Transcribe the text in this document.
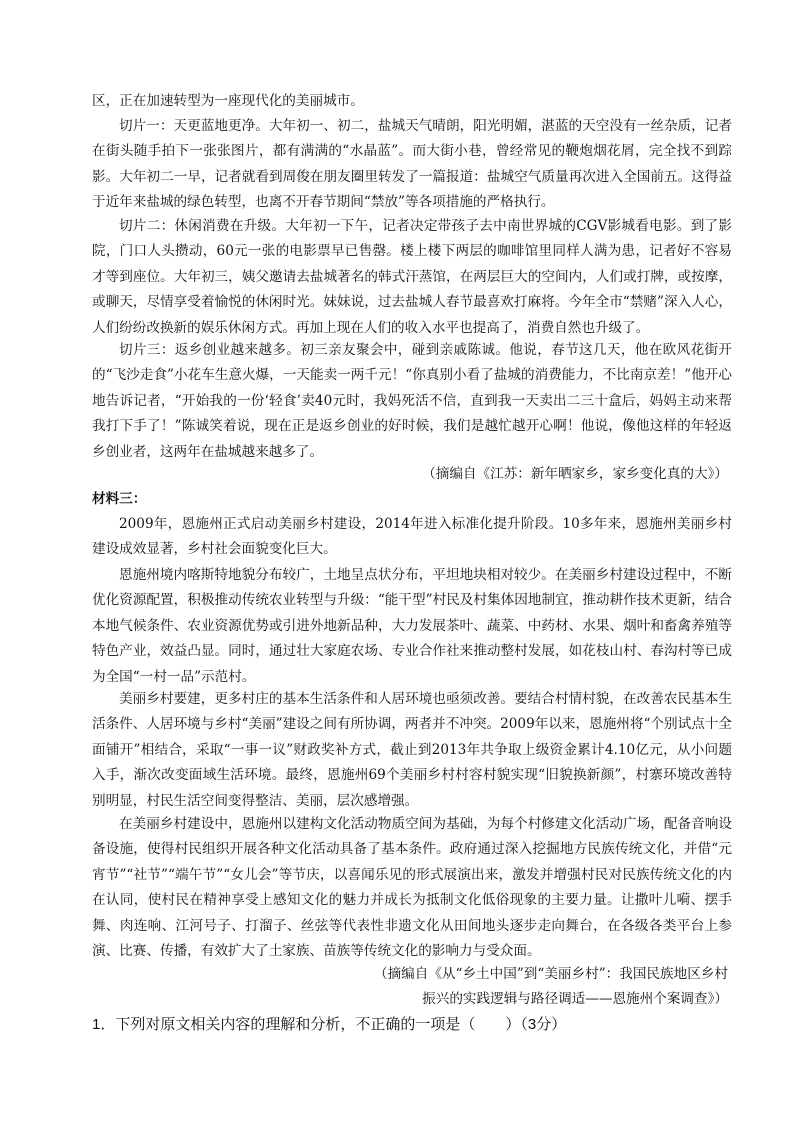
区，正在加速转型为一座现代化的美丽城市。

切片一：天更蓝地更净。大年初一、初二，盐城天气晴朗，阳光明媚，湛蓝的天空没有一丝杂质，记者在街头随手拍下一张张图片，都有满满的“水晶蓝”。而大街小巷，曾经常见的鞭炮烟花屑，完全找不到踪影。大年初二一早，记者就看到周俊在朋友圈里转发了一篇报道：盐城空气质量再次进入全国前五。这得益于近年来盐城的绿色转型，也离不开春节期间“禁放”等各项措施的严格执行。

切片二：休闲消费在升级。大年初一下午，记者决定带孩子去中南世界城的CGV影城看电影。到了影院，门口人头攒动，60元一张的电影票早已售罄。楼上楼下两层的咖啡馆里同样人满为患，记者好不容易才等到座位。大年初三，姨父邀请去盐城著名的韩式汗蒸馆，在两层巨大的空间内，人们或打牌，或按摩，或聊天，尽情享受着愉悦的休闲时光。妹妹说，过去盐城人春节最喜欢打麻将。今年全市“禁赌”深入人心，人们纷纷改换新的娱乐休闲方式。再加上现在人们的收入水平也提高了，消费自然也升级了。

切片三：返乡创业越来越多。初三亲友聚会中，碰到亲戚陈诚。他说，春节这几天，他在欧风花街开的“飞沙走食”小花车生意火爆，一天能卖一两千元！“你真别小看了盐城的消费能力，不比南京差！”他开心地告诉记者，“开始我的一份‘轻食’卖40元时，我妈死活不信，直到我一天卖出二三十盒后，妈妈主动来帮我打下手了！”陈诚笑着说，现在正是返乡创业的好时候，我们是越忙越开心啊！他说，像他这样的年轻返乡创业者，这两年在盐城越来越多了。

（摘编自《江苏：新年晒家乡，家乡变化真的大》）

材料三：

2009年，恩施州正式启动美丽乡村建设，2014年进入标准化提升阶段。10多年来，恩施州美丽乡村建设成效显著，乡村社会面貌变化巨大。

恩施州境内喀斯特地貌分布较广，土地呈点状分布，平坦地块相对较少。在美丽乡村建设过程中，不断优化资源配置，积极推动传统农业转型与升级：“能干型”村民及村集体因地制宜，推动耕作技术更新，结合本地气候条件、农业资源优势或引进外地新品种，大力发展茶叶、蔬菜、中药材、水果、烟叶和畜禽养殖等特色产业，效益凸显。同时，通过壮大家庭农场、专业合作社来推动整村发展，如花枝山村、春沟村等已成为全国“一村一品”示范村。

美丽乡村要建，更多村庄的基本生活条件和人居环境也亟须改善。要结合村情村貌，在改善农民基本生活条件、人居环境与乡村“美丽”建设之间有所协调，两者并不冲突。2009年以来，恩施州将“个别试点十全面铺开”相结合，采取“一事一议”财政奖补方式，截止到2013年共争取上级资金累计4.10亿元，从小问题入手，渐次改变面域生活环境。最终，恩施州69个美丽乡村村容村貌实现“旧貌换新颜”，村寨环境改善特别明显，村民生活空间变得整洁、美丽，层次感增强。

在美丽乡村建设中，恩施州以建构文化活动物质空间为基础，为每个村修建文化活动广场，配备音响设备设施，使得村民组织开展各种文化活动具备了基本条件。政府通过深入挖掘地方民族传统文化，并借“元宵节”“社节”“端午节”“女儿会”等节庆，以喜闻乐见的形式展演出来，激发并增强村民对民族传统文化的内在认同，使村民在精神享受上感知文化的魅力并成长为抵制文化低俗现象的主要力量。让撒叶儿嗬、摆手舞、肉连响、江河号子、打溜子、丝弦等代表性非遗文化从田间地头逐步走向舞台，在各级各类平台上参演、比赛、传播，有效扩大了土家族、苗族等传统文化的影响力与受众面。

（摘编自《从“乡土中国”到“美丽乡村”：我国民族地区乡村

振兴的实践逻辑与路径调适——恩施州个案调查》）

1．下列对原文相关内容的理解和分析，不正确的一项是（　　）（3分）
